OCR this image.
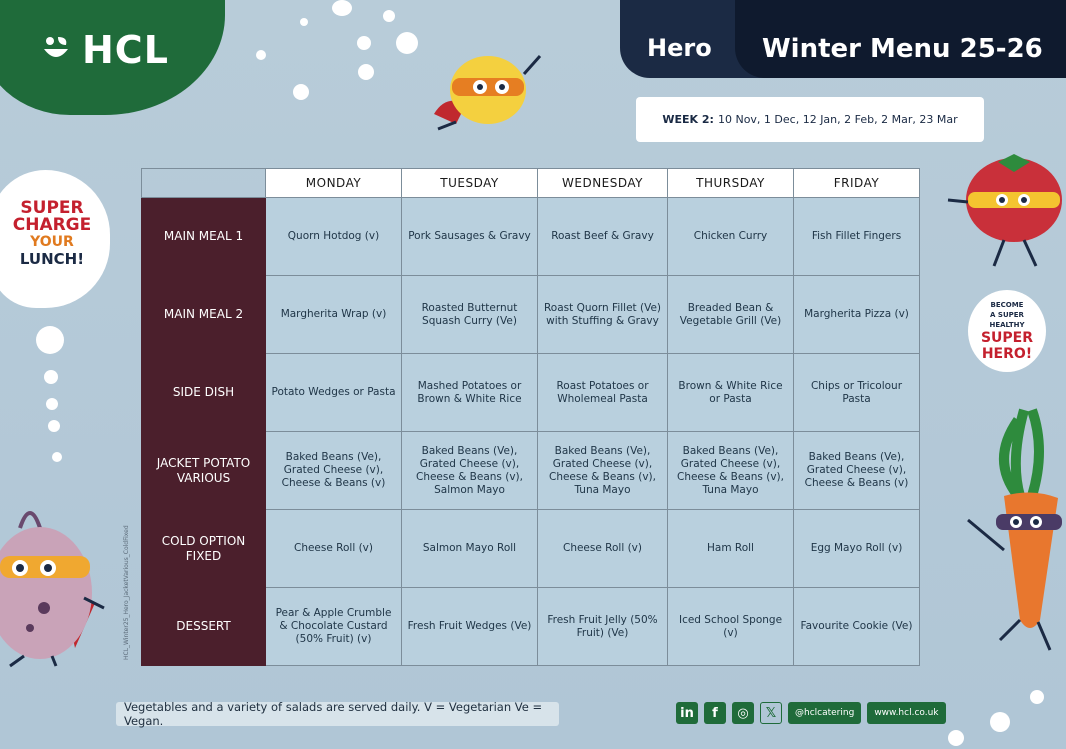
HCL	Hero Winter Menu 25-26
WEEK 2: 10 Nov, 1 Dec, 12 Jan, 2 Feb, 2 Mar, 23 Mar
SUPER
CHARGE
YOUR
LUNCH!
BECOME
A SUPER
HEALTHY
SUPER
HERO!
HCL_Winter25_Hero_JacketVarious_ColdFixed
	MONDAY	TUESDAY	WEDNESDAY	THURSDAY	FRIDAY
MAIN MEAL 1	Quorn Hotdog (v)	Pork Sausages & Gravy	Roast Beef & Gravy	Chicken Curry	Fish Fillet Fingers
MAIN MEAL 2	Margherita Wrap (v)	Roasted Butternut Squash Curry (Ve)	Roast Quorn Fillet (Ve) with Stuffing & Gravy	Breaded Bean & Vegetable Grill (Ve)	Margherita Pizza (v)
SIDE DISH	Potato Wedges or Pasta	Mashed Potatoes or Brown & White Rice	Roast Potatoes or Wholemeal Pasta	Brown & White Rice or Pasta	Chips or Tricolour Pasta
JACKET POTATO VARIOUS	Baked Beans (Ve), Grated Cheese (v), Cheese & Beans (v)	Baked Beans (Ve), Grated Cheese (v), Cheese & Beans (v), Salmon Mayo	Baked Beans (Ve), Grated Cheese (v), Cheese & Beans (v), Tuna Mayo	Baked Beans (Ve), Grated Cheese (v), Cheese & Beans (v), Tuna Mayo	Baked Beans (Ve), Grated Cheese (v), Cheese & Beans (v)
COLD OPTION FIXED	Cheese Roll (v)	Salmon Mayo Roll	Cheese Roll (v)	Ham Roll	Egg Mayo Roll (v)
DESSERT	Pear & Apple Crumble & Chocolate Custard (50% Fruit) (v)	Fresh Fruit Wedges (Ve)	Fresh Fruit Jelly (50% Fruit) (Ve)	Iced School Sponge (v)	Favourite Cookie (Ve)
Vegetables and a variety of salads are served daily. V = Vegetarian Ve = Vegan.
in	f	◎	𝕏	@hclcatering	www.hcl.co.uk
